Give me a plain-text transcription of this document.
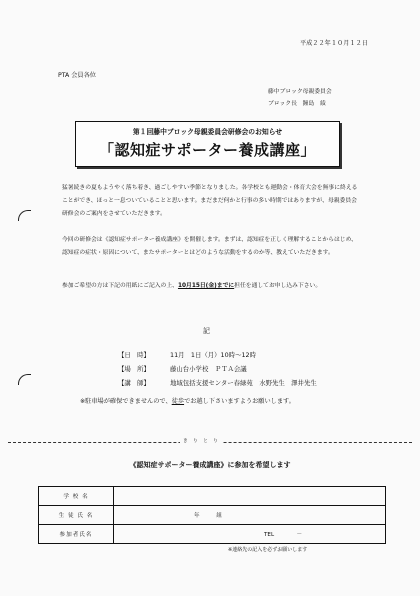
平成２２年１０月１２日
PTA 会員各位
藤中ブロック母親委員会
ブロック長　鐘島　綾
第１回藤中ブロック母親委員会研修会のお知らせ
「認知症サポーター養成講座」
猛暑続きの夏もようやく落ち着き、過ごしやすい季節となりました。各学校とも運動会・体育大会を無事に終えることができ、ほっと一息ついていることと思います。まだまだ何かと行事の多い時期ではありますが、母親委員会研修会のご案内をさせていただきます。
今回の研修会は《認知症サポーター養成講座》を開催します。まずは、認知症を正しく理解することからはじめ、認知症の症状・原因について、またサポーターとはどのような活動をするのか等、教えていただきます。
参加ご希望の方は下記の用紙にご記入の上、10月15日(金)までに担任を通してお申し込み下さい。
記
【日　時】	11月　1日（月）10時〜12時
【場　所】	藤山台小学校　ＰＴＡ会議
【講　師】	地域包括支援センター春緑苑　水野先生　澤井先生
※駐車場が確保できませんので、徒歩でお越し下さいますようお願いします。
き り と り
《認知症サポーター養成講座》に参加を希望します
学 校 名	
生 徒 氏 名	年　　　組
参加者氏名	TEL　　　　－
※連絡先の記入を必ずお願いします
